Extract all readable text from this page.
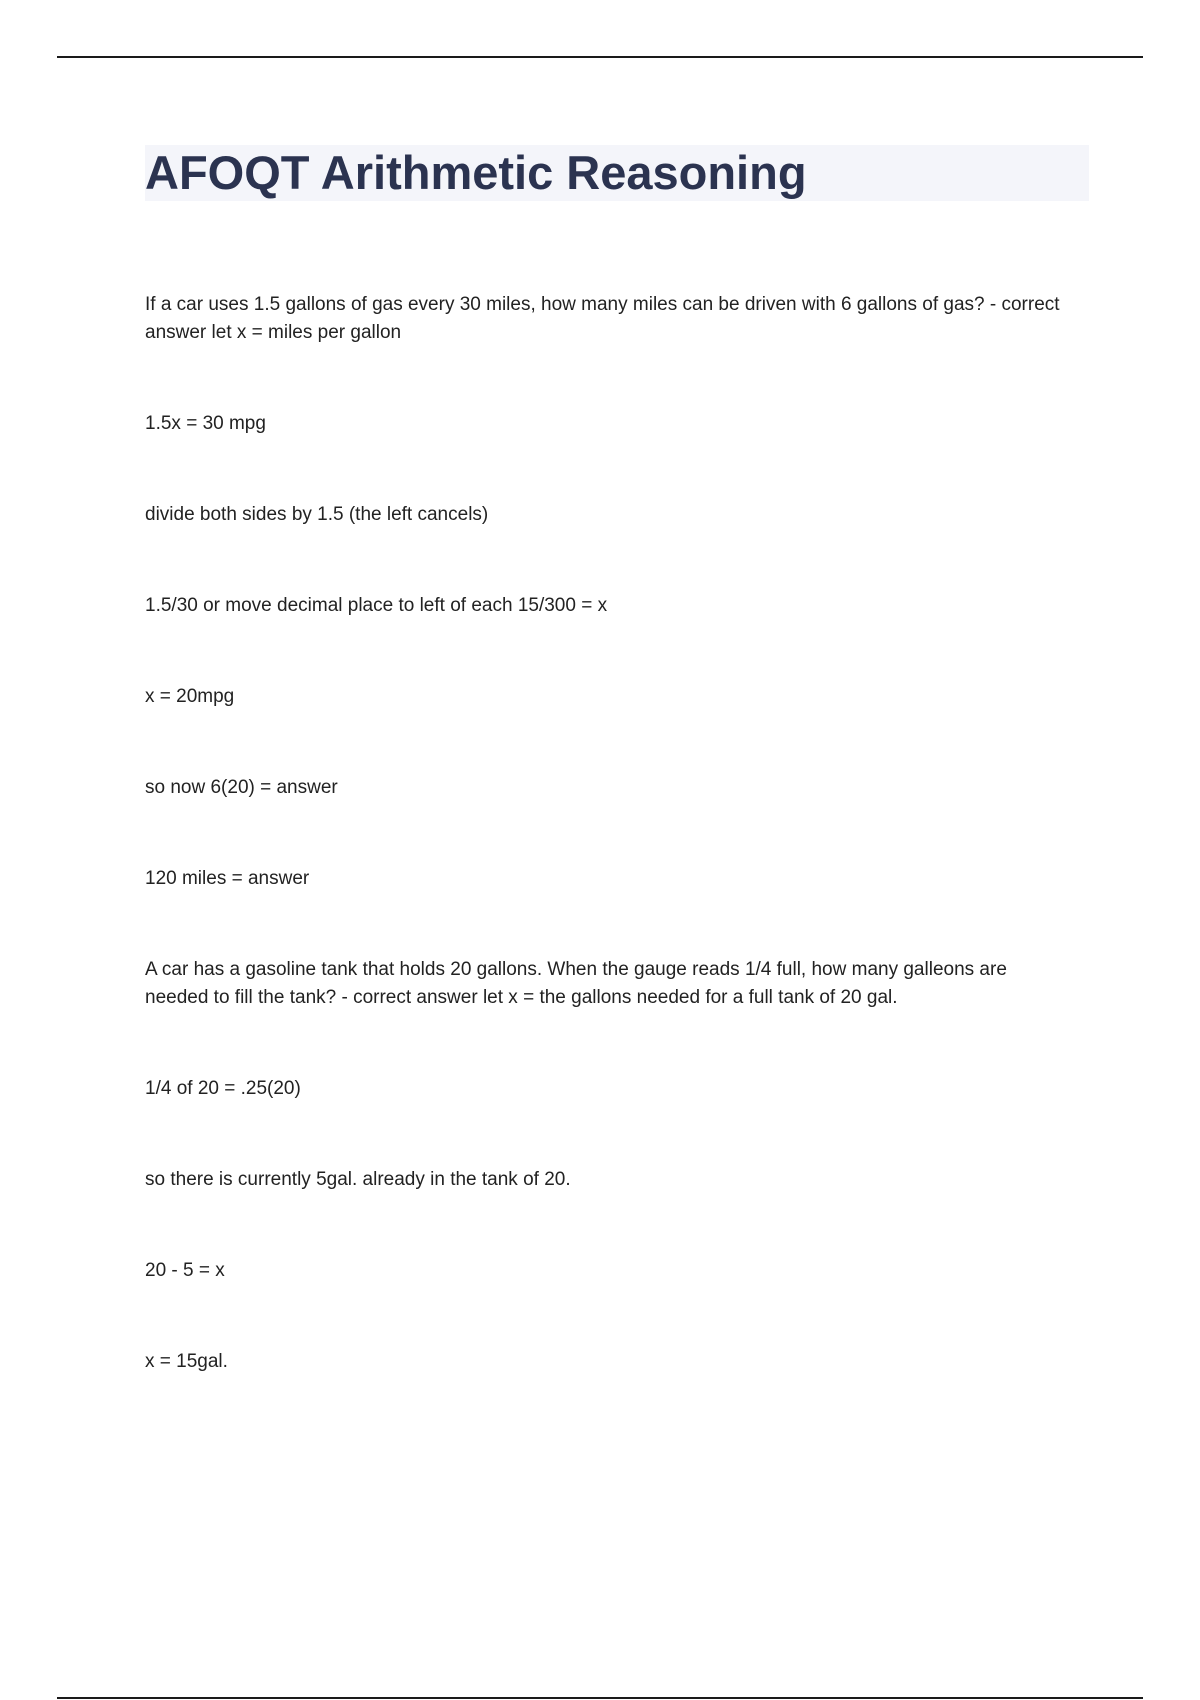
AFOQT Arithmetic Reasoning

If a car uses 1.5 gallons of gas every 30 miles, how many miles can be driven with 6 gallons of gas? - correct answer let x = miles per gallon

1.5x = 30 mpg

divide both sides by 1.5 (the left cancels)

1.5/30 or move decimal place to left of each 15/300 = x

x = 20mpg

so now 6(20) = answer

120 miles = answer

A car has a gasoline tank that holds 20 gallons. When the gauge reads 1/4 full, how many galleons are needed to fill the tank? - correct answer let x = the gallons needed for a full tank of 20 gal.

1/4 of 20 = .25(20)

so there is currently 5gal. already in the tank of 20.

20 - 5 = x

x = 15gal.
